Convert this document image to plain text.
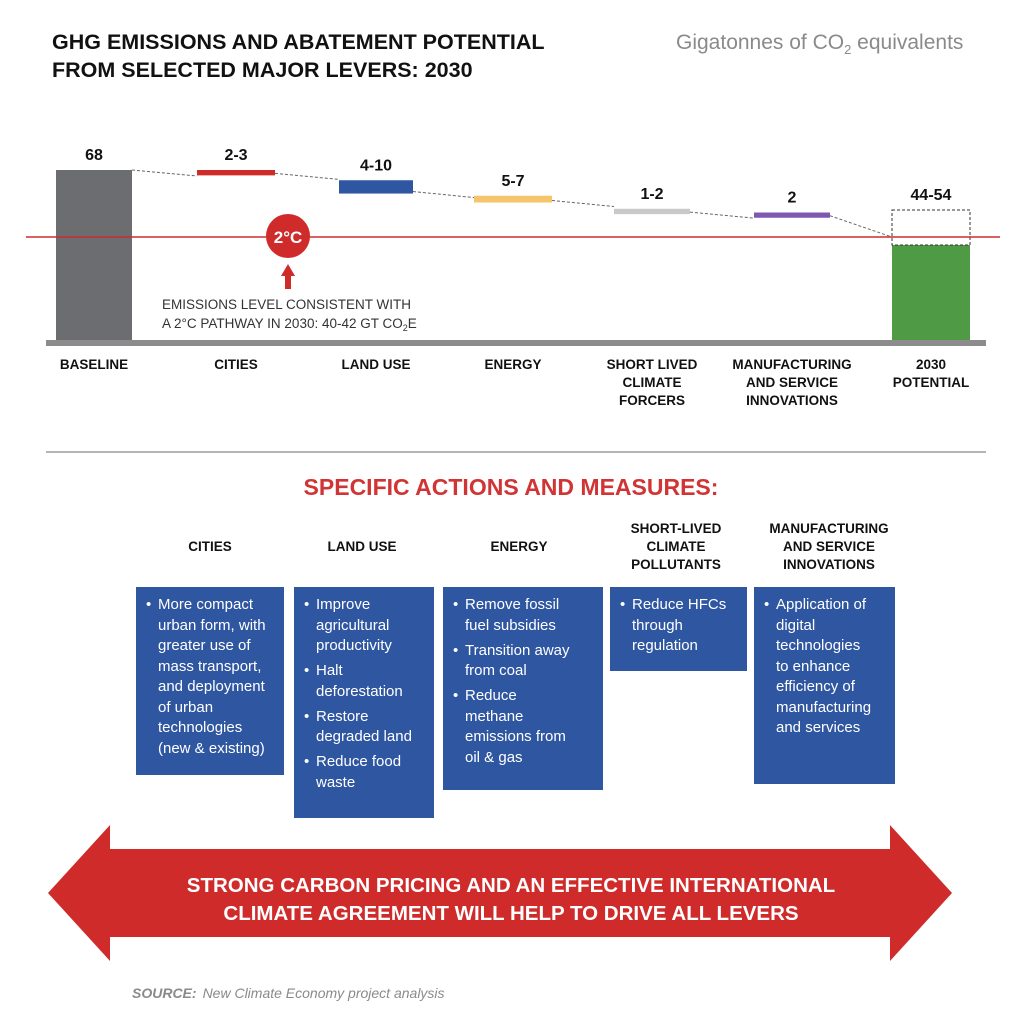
GHG EMISSIONS AND ABATEMENT POTENTIAL
FROM SELECTED MAJOR LEVERS: 2030
Gigatonnes of $CO_2$ equivalents
68
BASELINE
2-3
CITIES
4-10
LAND USE
5-7
ENERGY
1-2
SHORT LIVED
CLIMATE
FORCERS
2
MANUFACTURING
AND SERVICE
INNOVATIONS
44-54
2030
POTENTIAL
2°C
EMISSIONS LEVEL CONSISTENT WITH
A 2°C PATHWAY IN 2030: 40-42 GT $CO_2E$
SPECIFIC ACTIONS AND MEASURES:
CITIES
• More compact
urban form, with
greater use of
mass transport,
and deployment
of urban
technologies
(new & existing)
LAND USE
• Improve
agricultural
productivity
• Halt
deforestation
• Restore
degraded land
• Reduce food
waste
ENERGY
• Remove fossil
fuel subsidies
• Transition away
from coal
• Reduce
methane
emissions from
oil & gas
SHORT-LIVED
CLIMATE
POLLUTANTS
• Reduce HFCs
through
regulation
MANUFACTURING
AND SERVICE
INNOVATIONS
• Application of
digital
technologies
to enhance
efficiency of
manufacturing
and services
STRONG CARBON PRICING AND AN EFFECTIVE INTERNATIONAL
CLIMATE AGREEMENT WILL HELP TO DRIVE ALL LEVERS
SOURCE: New Climate Economy project analysis
